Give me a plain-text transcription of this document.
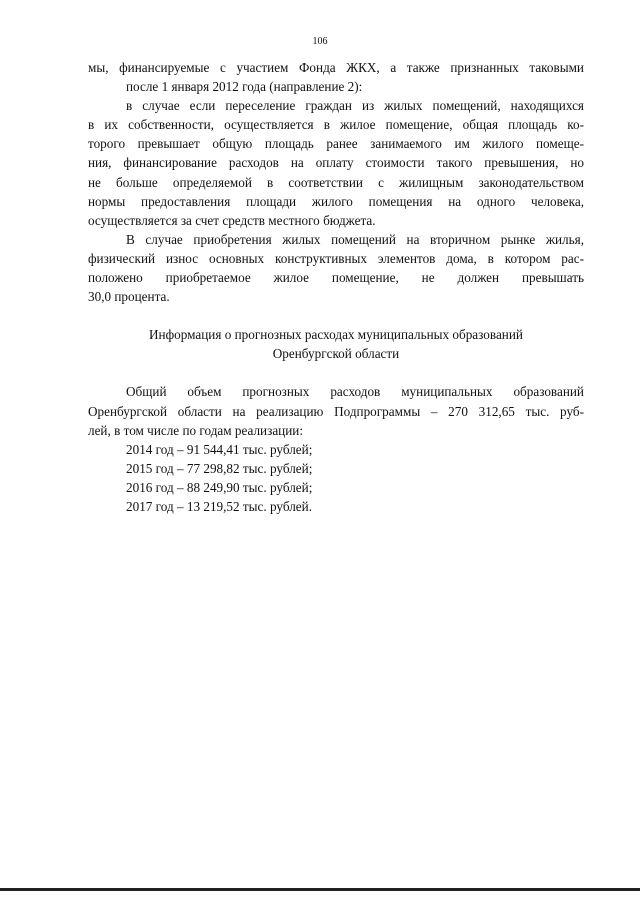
106
мы, финансируемые с участием Фонда ЖКХ, а также признанных таковыми
после 1 января 2012 года (направление 2):
в случае если переселение граждан из жилых помещений, находящихся
в их собственности, осуществляется в жилое помещение, общая площадь ко-
торого превышает общую площадь ранее занимаемого им жилого помеще-
ния, финансирование расходов на оплату стоимости такого превышения, но
не больше определяемой в соответствии с жилищным законодательством
нормы предоставления площади жилого помещения на одного человека,
осуществляется за счет средств местного бюджета.
В случае приобретения жилых помещений на вторичном рынке жилья,
физический износ основных конструктивных элементов дома, в котором рас-
положено приобретаемое жилое помещение, не должен превышать
30,0 процента.
Информация о прогнозных расходах муниципальных образований
Оренбургской области
Общий объем прогнозных расходов муниципальных образований
Оренбургской области на реализацию Подпрограммы – 270 312,65 тыс. руб-
лей, в том числе по годам реализации:
2014 год – 91 544,41 тыс. рублей;
2015 год – 77 298,82 тыс. рублей;
2016 год – 88 249,90 тыс. рублей;
2017 год – 13 219,52 тыс. рублей.
